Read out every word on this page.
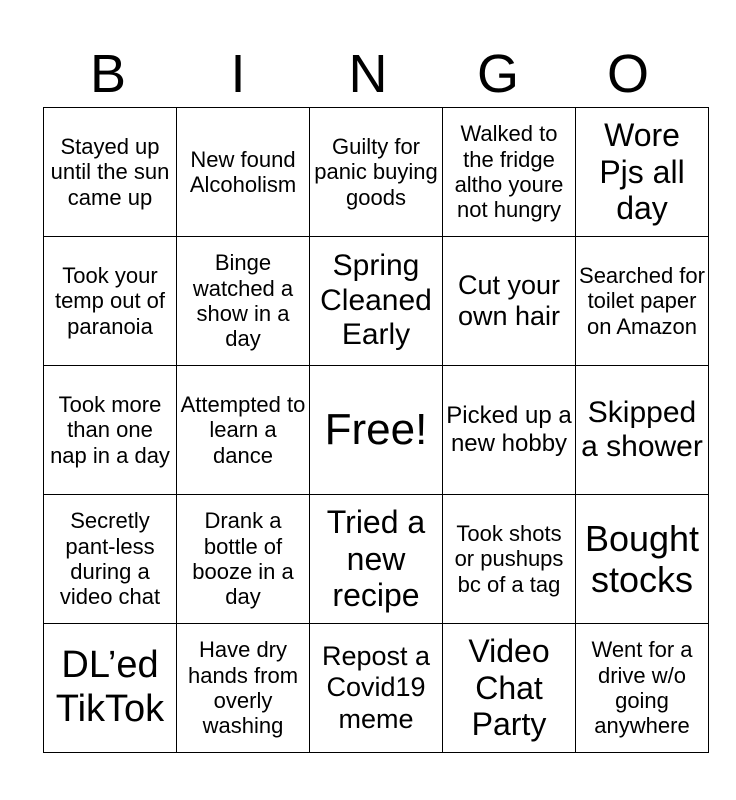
B	I	N	G	O
Stayed up until the sun came up	New found Alcoholism	Guilty for panic buying goods	Walked to the fridge altho youre not hungry	Wore Pjs all day
Took your temp out of paranoia	Binge watched a show in a day	Spring Cleaned Early	Cut your own hair	Searched for toilet paper on Amazon
Took more than one nap in a day	Attempted to learn a dance	Free!	Picked up a new hobby	Skipped a shower
Secretly pant-less during a video chat	Drank a bottle of booze in a day	Tried a new recipe	Took shots or pushups bc of a tag	Bought stocks
DL’ed TikTok	Have dry hands from overly washing	Repost a Covid19 meme	Video Chat Party	Went for a drive w/o going anywhere
